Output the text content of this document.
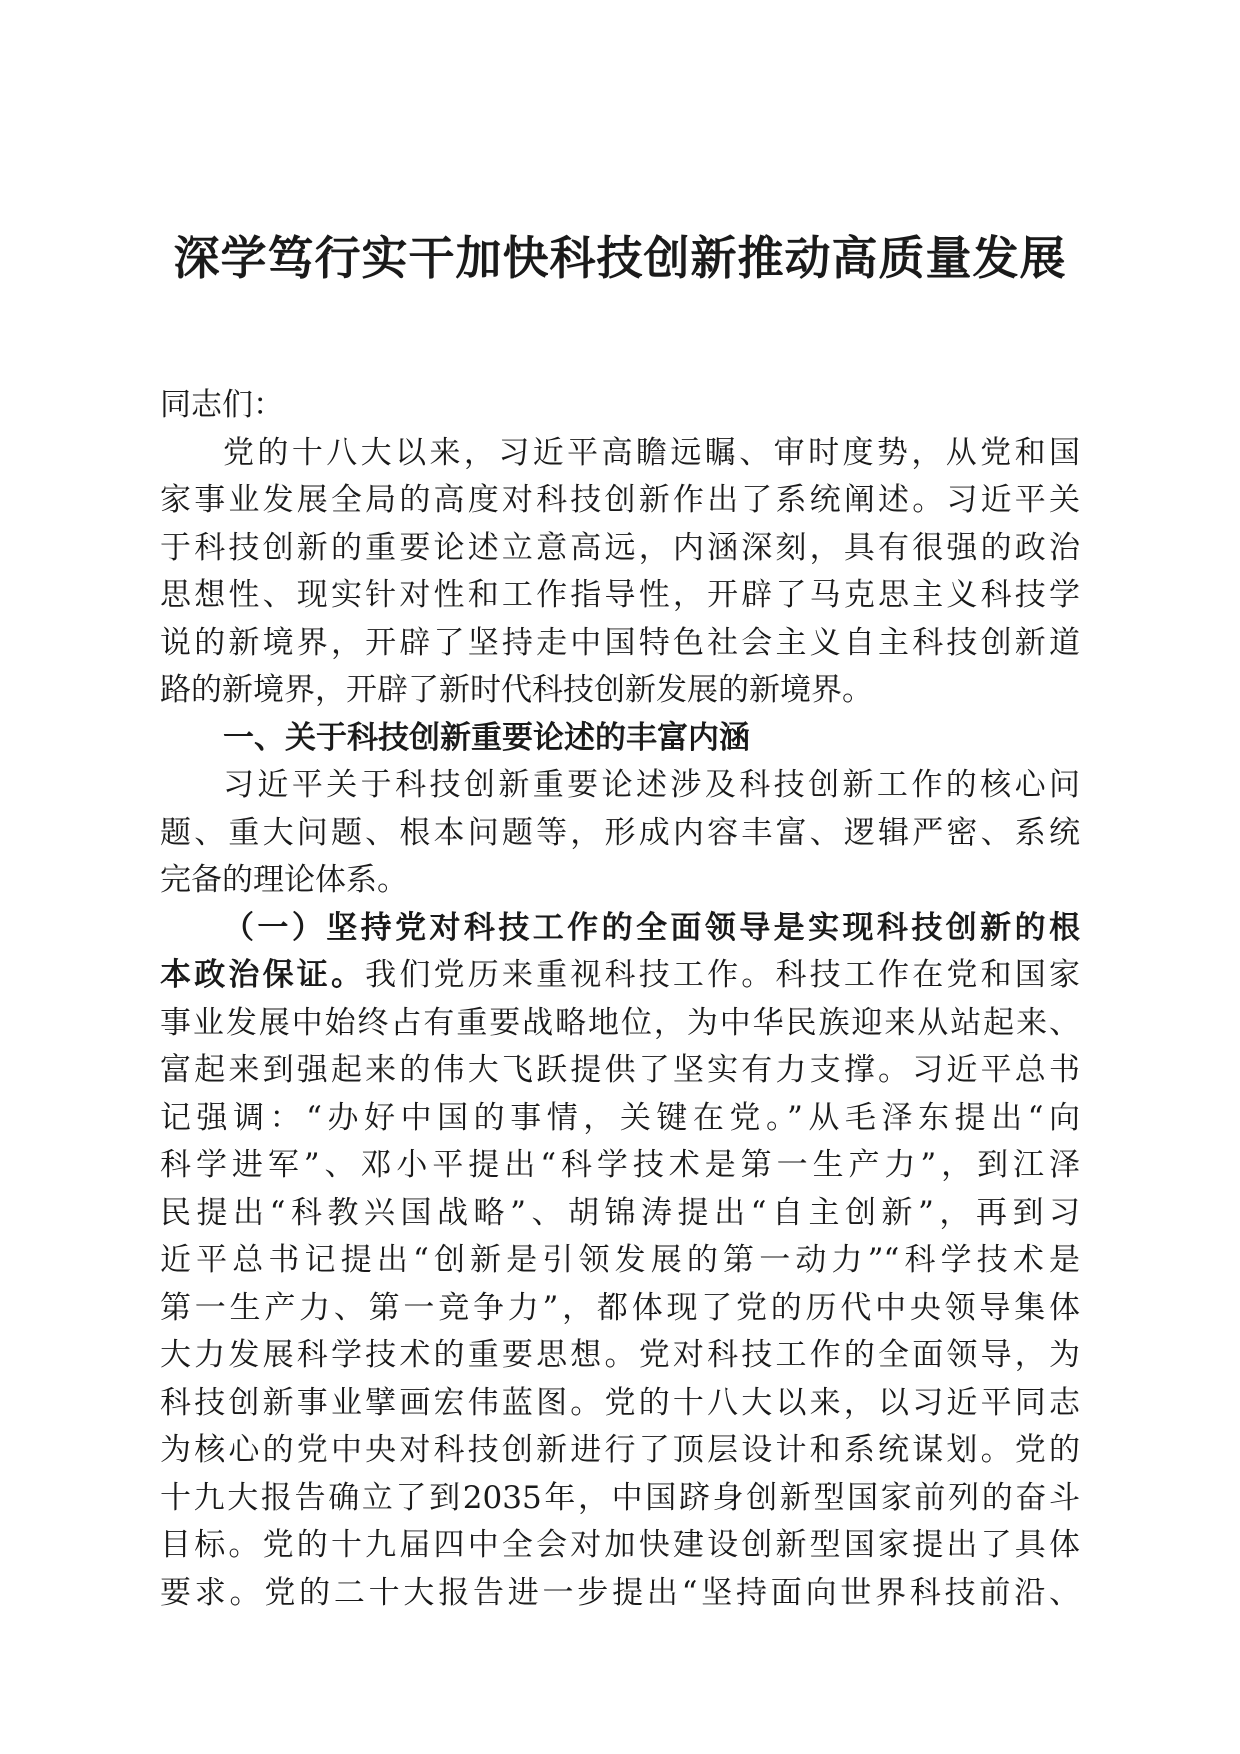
深学笃行实干加快科技创新推动高质量发展
同志们：
党的十八大以来，习近平高瞻远瞩、审时度势，从党和国
家事业发展全局的高度对科技创新作出了系统阐述。习近平关
于科技创新的重要论述立意高远，内涵深刻，具有很强的政治
思想性、现实针对性和工作指导性，开辟了马克思主义科技学
说的新境界，开辟了坚持走中国特色社会主义自主科技创新道
路的新境界，开辟了新时代科技创新发展的新境界。
一、关于科技创新重要论述的丰富内涵
习近平关于科技创新重要论述涉及科技创新工作的核心问
题、重大问题、根本问题等，形成内容丰富、逻辑严密、系统
完备的理论体系。
（一）坚持党对科技工作的全面领导是实现科技创新的根
本政治保证。我们党历来重视科技工作。科技工作在党和国家
事业发展中始终占有重要战略地位，为中华民族迎来从站起来、
富起来到强起来的伟大飞跃提供了坚实有力支撑。习近平总书
记强调：“办好中国的事情，关键在党。”从毛泽东提出“向
科学进军”、邓小平提出“科学技术是第一生产力”，到江泽
民提出“科教兴国战略”、胡锦涛提出“自主创新”，再到习
近平总书记提出“创新是引领发展的第一动力”“科学技术是
第一生产力、第一竞争力”，都体现了党的历代中央领导集体
大力发展科学技术的重要思想。党对科技工作的全面领导，为
科技创新事业擘画宏伟蓝图。党的十八大以来，以习近平同志
为核心的党中央对科技创新进行了顶层设计和系统谋划。党的
十九大报告确立了到2035年，中国跻身创新型国家前列的奋斗
目标。党的十九届四中全会对加快建设创新型国家提出了具体
要求。党的二十大报告进一步提出“坚持面向世界科技前沿、
